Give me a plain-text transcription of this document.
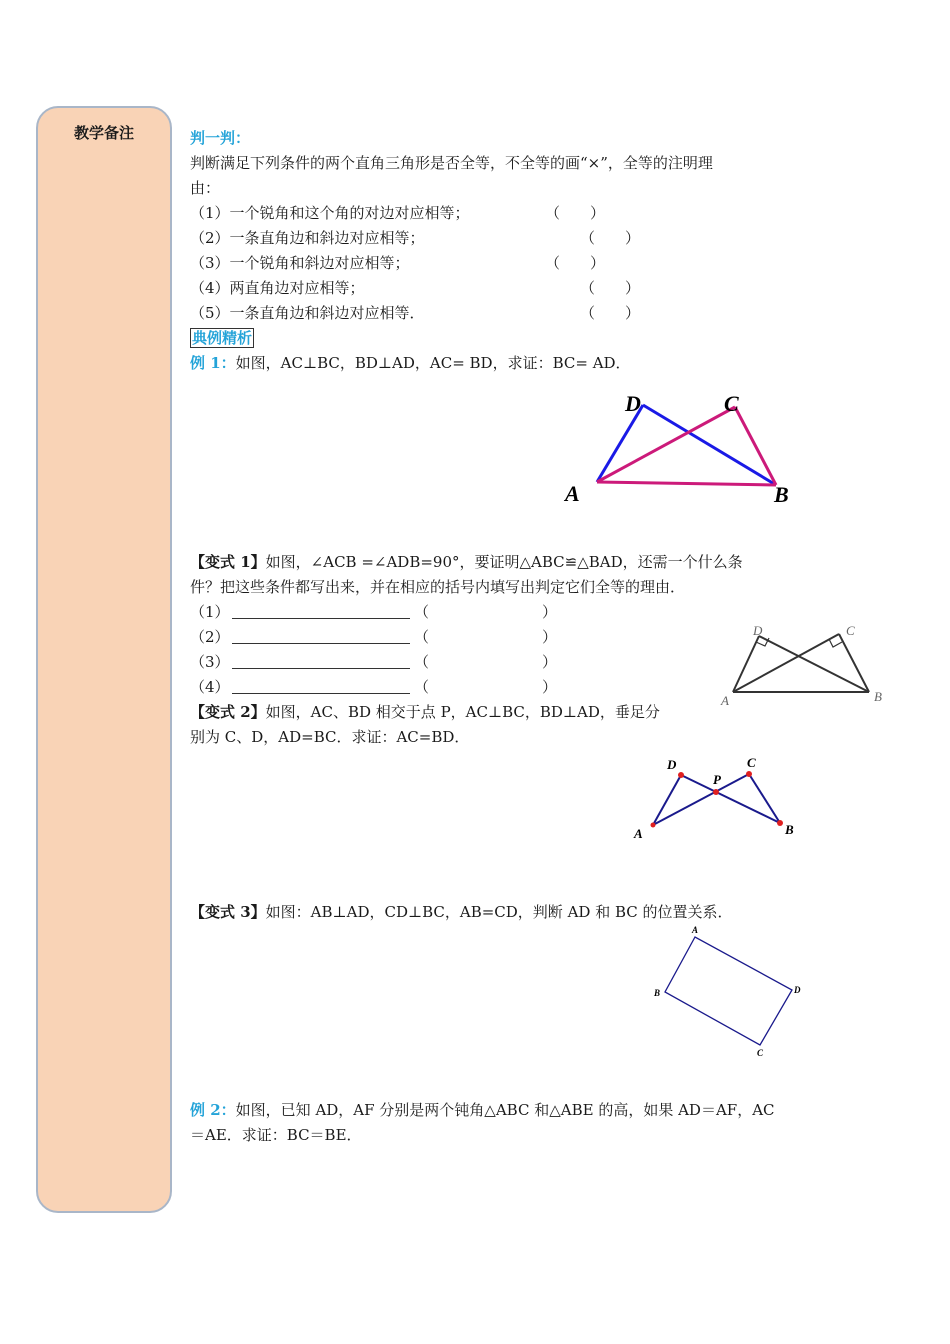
教学备注	判一判：
判断满足下列条件的两个直角三角形是否全等，不全等的画“×”，全等的注明理
由：
（1）一个锐角和这个角的对边对应相等；	（　　）
（2）一条直角边和斜边对应相等；	（　　）
（3）一个锐角和斜边对应相等；	（　　）
（4）两直角边对应相等；	（　　）
（5）一条直角边和斜边对应相等．	（　　）
典例精析
例 1：如图，AC⊥BC，BD⊥AD，AC= BD，求证：BC= AD．
【变式 1】如图，∠ACB =∠ADB=90°，要证明△ABC≌△BAD，还需一个什么条
件？把这些条件都写出来，并在相应的括号内填写出判定它们全等的理由．
（1）	（	）
（2）	（	）
（3）	（	）
（4）	（	）
【变式 2】如图，AC、BD 相交于点 P，AC⊥BC，BD⊥AD，垂足分
别为 C、D，AD=BC．求证：AC=BD．
【变式 3】如图：AB⊥AD，CD⊥BC，AB=CD，判断 AD 和 BC 的位置关系．
例 2：如图，已知 AD，AF 分别是两个钝角△ABC 和△ABE 的高，如果 AD＝AF，AC
＝AE．求证：BC＝BE．
D	C
A	B
D	C
A	B
D
P
C
A	B
A
B
C
D
